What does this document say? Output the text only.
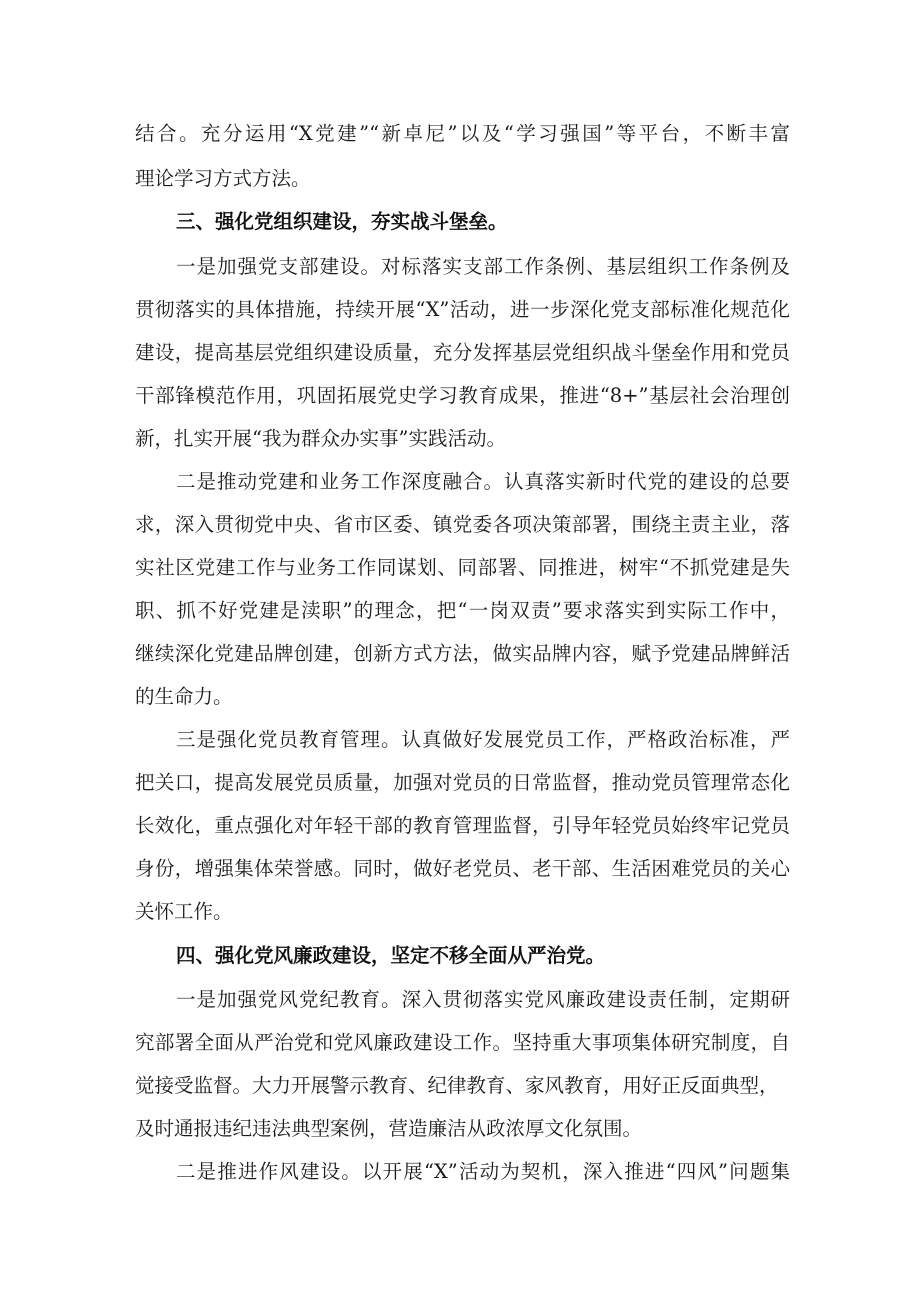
结合。充分运用“X党建”“新卓尼”以及“学习强国”等平台，不断丰富
理论学习方式方法。
三、强化党组织建设，夯实战斗堡垒。
一是加强党支部建设。对标落实支部工作条例、基层组织工作条例及
贯彻落实的具体措施，持续开展“X”活动，进一步深化党支部标准化规范化
建设，提高基层党组织建设质量，充分发挥基层党组织战斗堡垒作用和党员
干部锋模范作用，巩固拓展党史学习教育成果，推进“8+”基层社会治理创
新，扎实开展“我为群众办实事”实践活动。
二是推动党建和业务工作深度融合。认真落实新时代党的建设的总要
求，深入贯彻党中央、省市区委、镇党委各项决策部署，围绕主责主业，落
实社区党建工作与业务工作同谋划、同部署、同推进，树牢“不抓党建是失
职、抓不好党建是渎职”的理念，把“一岗双责”要求落实到实际工作中，
继续深化党建品牌创建，创新方式方法，做实品牌内容，赋予党建品牌鲜活
的生命力。
三是强化党员教育管理。认真做好发展党员工作，严格政治标准，严
把关口，提高发展党员质量，加强对党员的日常监督，推动党员管理常态化
长效化，重点强化对年轻干部的教育管理监督，引导年轻党员始终牢记党员
身份，增强集体荣誉感。同时，做好老党员、老干部、生活困难党员的关心
关怀工作。
四、强化党风廉政建设，坚定不移全面从严治党。
一是加强党风党纪教育。深入贯彻落实党风廉政建设责任制，定期研
究部署全面从严治党和党风廉政建设工作。坚持重大事项集体研究制度，自
觉接受监督。大力开展警示教育、纪律教育、家风教育，用好正反面典型，
及时通报违纪违法典型案例，营造廉洁从政浓厚文化氛围。
二是推进作风建设。以开展“X”活动为契机，深入推进“四风”问题集
